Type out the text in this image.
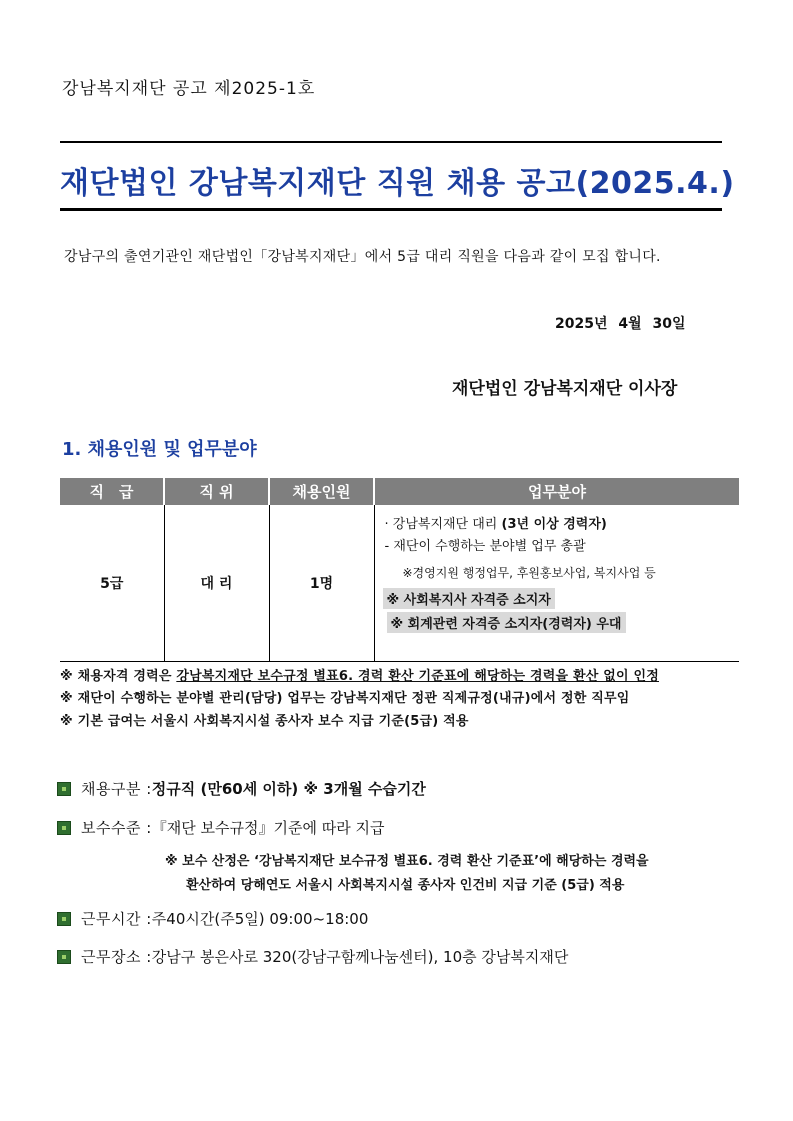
강남복지재단 공고 제2025-1호
재단법인 강남복지재단 직원 채용 공고(2025.4.)
강남구의 출연기관인 재단법인「강남복지재단」에서 5급 대리 직원을 다음과 같이 모집 합니다.
2025년 4월 30일
재단법인 강남복지재단 이사장
1. 채용인원 및 업무분야
직　급	직 위	채용인원	업무분야
5급	대 리	1명	· 강남복지재단 대리 (3년 이상 경력자)
- 재단이 수행하는 분야별 업무 총괄
※경영지원 행정업무, 후원홍보사업, 복지사업 등
※ 사회복지사 자격증 소지자
※ 회계관련 자격증 소지자(경력자) 우대
※ 채용자격 경력은 강남복지재단 보수규정 별표6. 경력 환산 기준표에 해당하는 경력을 환산 없이 인정
※ 재단이 수행하는 분야별 관리(담당) 업무는 강남복지재단 정관 직제규정(내규)에서 정한 직무임
※ 기본 급여는 서울시 사회복지시설 종사자 보수 지급 기준(5급) 적용
채용구분 : 정규직 (만60세 이하) ※ 3개월 수습기간
보수수준 : 『재단 보수규정』기준에 따라 지급
※ 보수 산정은 ‘강남복지재단 보수규정 별표6. 경력 환산 기준표’에 해당하는 경력을
환산하여 당해연도 서울시 사회복지시설 종사자 인건비 지급 기준 (5급) 적용
근무시간 : 주40시간(주5일) 09:00~18:00
근무장소 : 강남구 봉은사로 320(강남구함께나눔센터), 10층 강남복지재단
